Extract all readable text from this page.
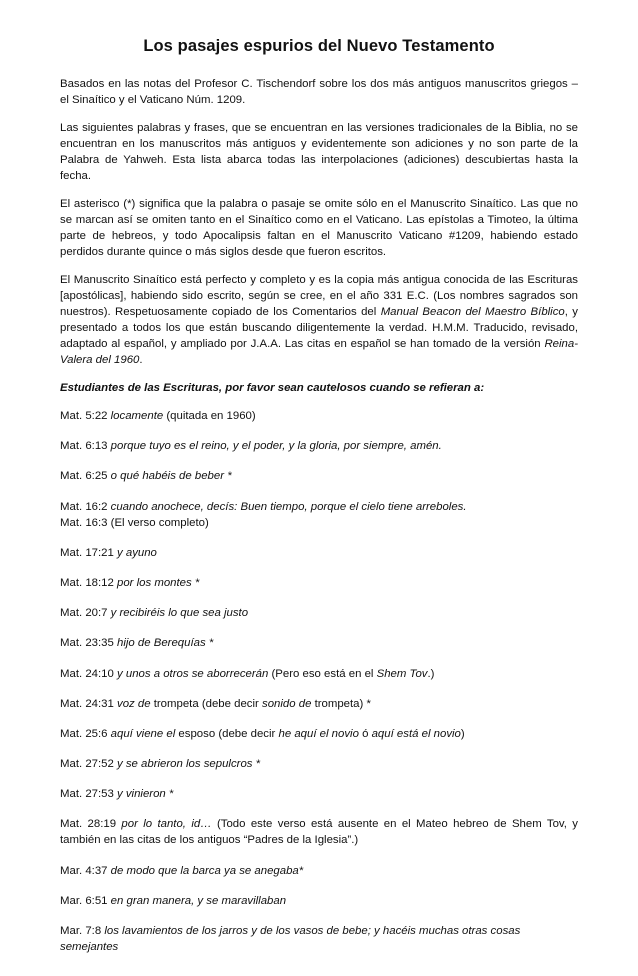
Los pasajes espurios del Nuevo Testamento

Basados en las notas del Profesor C. Tischendorf sobre los dos más antiguos manuscritos griegos – el Sinaítico y el Vaticano Núm. 1209.

Las siguientes palabras y frases, que se encuentran en las versiones tradicionales de la Biblia, no se encuentran en los manuscritos más antiguos y evidentemente son adiciones y no son parte de la Palabra de Yahweh. Esta lista abarca todas las interpolaciones (adiciones) descubiertas hasta la fecha.

El asterisco (*) significa que la palabra o pasaje se omite sólo en el Manuscrito Sinaítico. Las que no se marcan así se omiten tanto en el Sinaítico como en el Vaticano. Las epístolas a Timoteo, la última parte de hebreos, y todo Apocalipsis faltan en el Manuscrito Vaticano #1209, habiendo estado perdidos durante quince o más siglos desde que fueron escritos.

El Manuscrito Sinaítico está perfecto y completo y es la copia más antigua conocida de las Escrituras [apostólicas], habiendo sido escrito, según se cree, en el año 331 E.C. (Los nombres sagrados son nuestros). Respetuosamente copiado de los Comentarios del Manual Beacon del Maestro Bíblico, y presentado a todos los que están buscando diligentemente la verdad. H.M.M. Traducido, revisado, adaptado al español, y ampliado por J.A.A. Las citas en español se han tomado de la versión Reina-Valera del 1960.

Estudiantes de las Escrituras, por favor sean cautelosos cuando se refieran a:

Mat. 5:22 locamente (quitada en 1960)
Mat. 6:13 porque tuyo es el reino, y el poder, y la gloria, por siempre, amén.
Mat. 6:25 o qué habéis de beber *
Mat. 16:2 cuando anochece, decís: Buen tiempo, porque el cielo tiene arreboles.
Mat. 16:3 (El verso completo)
Mat. 17:21 y ayuno
Mat. 18:12 por los montes *
Mat. 20:7 y recibiréis lo que sea justo
Mat. 23:35 hijo de Berequías *
Mat. 24:10 y unos a otros se aborrecerán (Pero eso está en el Shem Tov.)
Mat. 24:31 voz de trompeta (debe decir sonido de trompeta) *
Mat. 25:6 aquí viene el esposo (debe decir he aquí el novio ó aquí está el novio)
Mat. 27:52 y se abrieron los sepulcros *
Mat. 27:53 y vinieron *
Mat. 28:19 por lo tanto, id… (Todo este verso está ausente en el Mateo hebreo de Shem Tov, y también en las citas de los antiguos “Padres de la Iglesia”.)
Mar. 4:37 de modo que la barca ya se anegaba*
Mar. 6:51 en gran manera, y se maravillaban
Mar. 7:8 los lavamientos de los jarros y de los vasos de bebe; y hacéis muchas otras cosas semejantes
